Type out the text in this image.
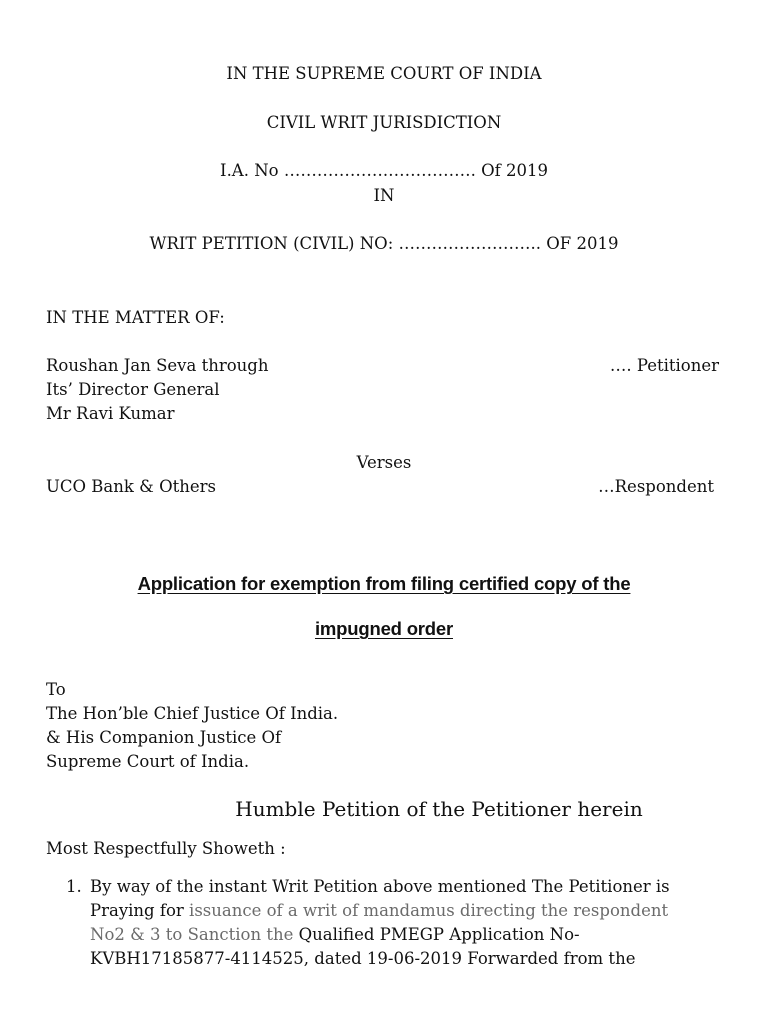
IN THE SUPREME COURT OF INDIA
CIVIL WRIT JURISDICTION
I.A. No ……………….……………. Of 2019
IN
WRIT PETITION (CIVIL) NO: …………………….. OF 2019
IN THE MATTER OF:
Roushan Jan Seva through	…. Petitioner
Its’ Director General
Mr Ravi Kumar
Verses
UCO Bank & Others	…Respondent
Application for exemption from filing certified copy of the
impugned order
To
The Hon’ble Chief Justice Of India.
& His Companion Justice Of
Supreme Court of India.
Humble Petition of the Petitioner herein
Most Respectfully Showeth :
1. By way of the instant Writ Petition above mentioned The Petitioner is
Praying for issuance of a writ of mandamus directing the respondent
No2 & 3 to Sanction the Qualified PMEGP Application No-
KVBH17185877-4114525, dated 19-06-2019 Forwarded from the
